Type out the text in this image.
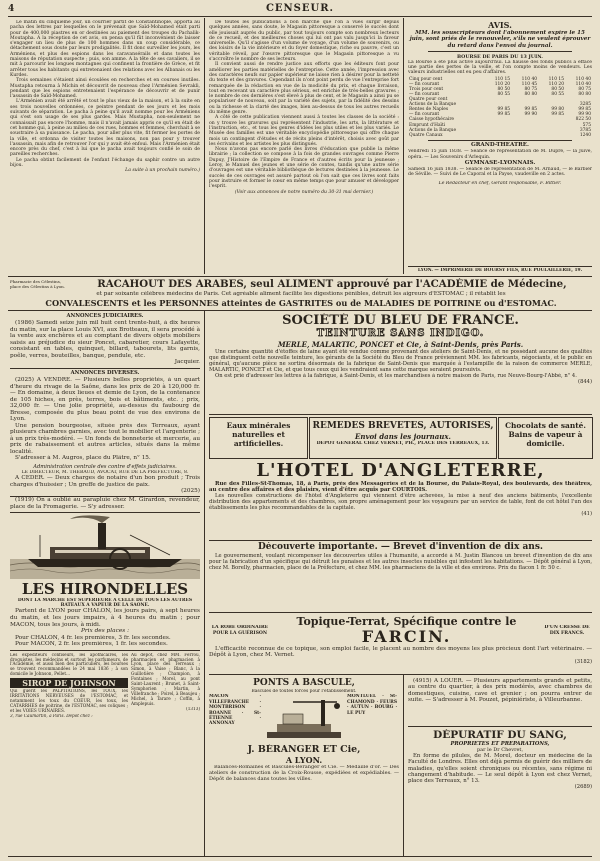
4	CENSEUR.
Le matin du cinquième jour, un courrier partit de Constantinople, apporta au pacha des lettres par lesquelles on le prévenait que Saïd-Mohamed était parti pour de 400,000 piastres en or destinées au paiement des troupes du Pachalik-Moutapha. A la réception de cet avis, on pensa qu'il fût inconvénient de laisser s'engager un lieu de plus de 100 hommes dans un coup considérable, ce détachement sous doute par leurs prodigalités. Il fit donc surveiller les jours, les Arméniens, et plus des espions dans les caravansérails et dans toutes les maisons de réputation suspecte ; puis, son amme. A la tête de ses cavaliers, il se mit à parcourir les longues montagnes qui confinent la frontière de Grèce, et fit arrêter tous les habitants qui entretenaient des relations avec les Albanais ou les Kurdes.
Trois semaines s'étaient ainsi écoulées en recherches et en courses inutiles. Mustapha retourna à Michin et découvrit de nouveau chez l'Arménien Sevrakli, pendant que les espions entretenaient l'espérance de découvrir et de punir l'assassin de Saïd-Mohamed.
L'Arménien avait été arrêté et tout le plus vieux de la maison, et à la suite en ses trois nouvelles ordonnées, ce peintre pendant de ses jours et les mois suivants de séparation. Le pacha à peine qu'il avait nomme pour les Arméniens qui s'est son usage de ses plus gardes. Mais Mustapha, non-seulement ne connaissait pas encore l'homme, mais il n'avait jamais appris ce qu'il en était de cet homme qui, à peine au milieu de ces rues, hommes et femmes, cherchait à se soustraire à sa puissance. Le pacha, pour aller plus vite, fit fermer les portes de la ville, et ordonna de visiter toutes les maisons, non pas pour y trouver l'assassin, mais afin de retrouver l'or qui y avait été enfoui. Mais l'Arménien était encore près du chef, c'est à lui que le pacha avait toujours confié le soin de pareilles recherches.
Le pacha obtint facilement de l'enfant l'échange du saphir contre un autre bijou.
La suite à un prochain numéro.)
De toutes les publications à bon marché que l'on a vues surgir depuis quelques années, sans doute, le Magasin pittoresque a conservé le succès dont elle jouissait auprès du public, par tout toujours compte son nombreux lecteurs de ce recueil, et des meilleures choses qui lui ont pas valu jusqu'ici la faveur universelle. Qu'il s'agisse d'un volume de voyage, d'un volume de souvenirs, ou des loisirs de la vie intérieure et du foyer domestique, riche ou pauvre, c'est un véritable réveil, par l'œuvre pittoresque que le Magasin pittoresque a vu s'accroître le nombre de ses lecteurs.
Il convient aussi de rendre justice aux efforts que les éditeurs font pour améliorer les parties matérielles de l'entreprise. Cette année, l'impression avec des caractères neufs sur papier supérieur ne laisse rien à désirer pour la netteté du texte et des gravures. Cependant ils n'ont point perdu de vue l'entreprise fort remarquée de la rédaction en vue de la modicité du prix, et chaque livraison, tout en recevant un caractère plus sérieux, est enrichie de très-belles gravures ; le nombre de ces dernières s'est élevé à plus de cent, et le Magasin a ainsi pu se populariser de nouveau, soit par la variété des sujets, par la fidélité des dessins ou la richesse et la clarté des images, bien au-dessus de tous les autres recueils du même genre.
A côté de cette publication viennent aussi à toutes les classes de la société : on y trouve les gravures qui représentent l'industrie, les arts, la littérature et l'instruction, etc., et tous les genres d'idées les plus utiles et les plus variés. Le Musée des familles est une véritable encyclopédie pittoresque qui offre chaque mois un contingent d'études et de récits pleins d'intérêt, choisis avec goût par les écrivains et les artistes les plus distingués.
Nous n'avons pas encore parlé des livres d'éducation que publie la même librairie ; la collection se compose à la fois de grandes ouvrages comme Pierre Dupuy, J'Histoire de l'Empire de France et d'autres écrits pour la jeunesse ; Leroy, le Manuel des jeunes et une série de contes, tandis qu'une autre série d'ouvrages est une véritable bibliothèque de lectures destinées à la jeunesse. Le succès de ces ouvrages est assuré partout où l'on sait que ces livres sont faits pour instruire et former le cœur en même temps que pour amuser et développer l'esprit.
(Voir aux annonces de notre numéro du 30-31 mai dernier.)
AVIS.
MM. les souscripteurs dont l'abonnement expire le 15 juin, sont priés de le renouveler, s'ils ne veulent éprouver du retard dans l'envoi du journal.
BOURSE DE PARIS DU 13 JUIN.
La Bourse a été plus active aujourd'hui. La hausse des fonds publics a effacé une partie des pertes de la veille, et l'on compte moins de vendeurs. Les valeurs industrielles ont eu peu d'affaires.
Cinq pour cent	110 15	110 40	110 15	110 40
— fin courant	110 20	110 45	110 20	110 40
Trois pour cent	80 50	80 75	80 50	80 75
— fin courant	80 55	80 80	80 55	80 80
Quatre pour cent				
Actions de la Banque				3285
Rentes de Naples	99 85	99 85	99 80	99 85
— fin courant	99 85	99 90	99 85	99 90
Caisse hypothécaire				822 50
Emprunt d'Haïti				575
Actions de la Banque				3785
Quatre Canaux				1240
GRAND-THÉATRE.
Vendredi 15 juin 1838. — Séance de représentation de M. Dupré, — la Juive, opéra. — Les Souvenirs d'Arlequin.
GYMNASE-LYONNAIS.
Samedi 16 juin 1838. — Séance de représentation de M. Arnaud, — le Barbier de Séville. — Suivi de Le Caporal et la Payse, vaudeville en 2 actes.
Le Rédacteur en chef, Gérant responsable, F. Bittier.
LYON. — IMPRIMERIE DE BOURSY FILS, RUE POULAILLERIE, 19.
Pharmacie des Célestins, place des Célestins à Lyon.	RACAHOUT DES ARABES, seul ALIMENT approuvé par l'ACADÉMIE de Médecine,
et par soixante célèbres médecins de Paris. Cet agréable aliment facilite les digestions pénibles, détruit les aigreurs d'ESTOMAC ; il rétablit les
CONVALESCENTS et les PERSONNES atteintes de GASTRITES ou de MALADIES DE POITRINE ou d'ESTOMAC.
ANNONCES JUDICIAIRES.
(1986) Samedi seize juin mil huit cent trente-huit, à dix heures du matin, sur la place Louis XVI, aux Brotteaux, il sera procédé à la vente aux enchères et au comptant de divers objets mobiliers saisis au préjudice du sieur Poncet, cabaretier, cours Lafayette, consistant en tables, quinquet, billard, tabourets, lits garnis, poêle, verres, bouteilles, banque, pendule, etc.
Jacquier.
ANNONCES DIVERSES.
(2025) À VENDRE. — Plusieurs belles propriétés, à un quart d'heure du rivage de la Saône, dans les prix de 20 à 120,000 fr. — En domaine, à deux lieues et demie de Lyon, de la contenance de 105 hiches, en près, terres, bois et bâtiments, etc. ; prix, 32,000 fr. — Une jolie propriété, au-dessus du faubourg de Bresse, composée du plus beau point de vue des environs de Lyon.
Une pension bourgeoise, située près des Terreaux, ayant plusieurs chambres garnies, avec tout le mobilier et l'argenterie ; à un prix très-modéré. — Un fonds de bonneterie et mercerie, au prix de rabaissement et autres articles, situés dans la même localité.
S'adresser à M. Augros, place du Plâtre, n° 15.
Administration centrale des contre d'effets judiciaires.
LE DIRECTEUR, M. THÉBAUD, AVOCAT, RUE DE LA PRÉFECTURE, 8.
À CÉDER. — Deux charges de notaire d'un bon produit ; Trois charges d'huissier ; Un greffe de justice de paix.
(2025)
(1919) On a oublié au parapluie chez M. Girardon, revendeur, place de la Fromagerie. — S'y adresser.
LES HIRONDELLES
DONT LA MARCHE EST SUPÉRIEURE A CELLE DE TOUS LES AUTRES BATEAUX A VAPEUR DE LA SAONE.
Partent de LYON pour CHALON, les jours pairs, à sept heures du matin, et les jours impairs, à 4 heures du matin ; pour MACON, tous les jours, à midi.
Prix des places :
Pour CHALON, 4 fr. les premières, 3 fr. les secondes.
Pour MACON, 2 fr. les premières, 1 fr. les secondes.
Les expéditeurs confiseurs, les apothicaires, les droguistes, les médecins et surtout les parfumeurs, de l'Académie, et aussi bien des particuliers, les bourses se trouvent recommandées le 24 mai 1836 ; à son domicile le Johnson, Pellet...
SIROP DE JOHNSON
Qui guérit les PALPITATIONS, les TOUX, les IRRITATIONS NERVEUSES de l'ESTOMAC, et notamment les toux du COEUR, les toux, les CATARRHES de poitrine, de l'ESTOMAC, ses coliques ; et les VOIES URINAIRES.
3, rue Caumartin, à Paris. Dépôt chez :
Au dépôt, chez MM. Ferrou, pharmacien et pharmacien à Lyon, place des Terreaux ; Simon, à Vaise ; Blanc, à la Guillotière ; Champion, à Fontaines ; Morel, au pont Saint-Laurent ; Brunet, à Saint-Symphorien ; Martin, à Villefranche ; Poirel, à Beaujeu ; Michel, à Tarare ; Coffin, à Amplepuis.
(1313)
SOCIÉTÉ DU BLEU DE FRANCE.
TEINTURE SANS INDIGO.
MERLE, MALARTIC, PONCET et Cie, à Saint-Denis, près Paris.
Une certaine quantité d'étoffes de laine ayant été vendue comme provenant des ateliers de Saint-Denis, et ne possédant aucune des qualités que distinguent cette nouvelle teinture, les gérants de la Société du Bleu de France préviennent MM. les fabricants, négociants, et le public en général, qu'aucune pièce ne sortira désormais de la fabrique de Saint-Denis que marquée à l'estampille de la raison de commerce MERLE, MALARTIC, PONCET et Cie, et que tous ceux qui les vendraient sans cette marque seraient poursuivis.
On est prié d'adresser les lettres à la fabrique, à Saint-Denis, et les marchandises à notre maison de Paris, rue Neuve-Bourg-l'Abbé, n° 4.
(844)
Eaux minérales naturelles et artificielles.
REMÈDES BREVETÉS, AUTORISÉS,
Envoi dans les journaux.
DÉPÔT GÉNÉRAL CHEZ VERNET, PH., PLACE DES TERREAUX, 13.
Chocolats de santé. Bains de vapeur à domicile.
L'HOTEL D'ANGLETERRE,
Rue des Filles-St-Thomas, 18, à Paris, près des Messageries et de la Bourse, du Palais-Royal, des boulevards, des théâtres, au centre des affaires et des plaisirs, vient d'être acquis par COURTOIS.
Les nouvelles constructions de l'hôtel d'Angleterre qui viennent d'être achevées, la mise à neuf des anciens bâtiments, l'excellente distribution des appartements et des chambres, son propre aménagement pour les voyageurs par un service de table, font de cet hôtel l'un des établissements les plus recommandables de la capitale.
(41)
Découverte importante. — Brevet d'invention de dix ans.
Le gouvernement, voulant récompenser les découvertes utiles à l'humanité, a accordé à M. Justin Blancou un brevet d'invention de dix ans pour la fabrication d'un spécifique qui détruit les punaises et les autres insectes nuisibles qui infestent les habitations. — Dépôt général à Lyon, chez M. Borelly, pharmacien, place de la Préfecture, et chez MM. les pharmaciens de la ville et des environs. Prix du flacon 1 fr. 50 c.
LA ROBE ORDINAIRE POUR LA GUÉRISON
Topique-Terrat, Spécifique contre le
FARCIN.	D'UN CRESSE DE DIX FRANCS.
L'efficacité reconnue de ce topique, son emploi facile, le placent au nombre des moyens les plus précieux dont l'art vétérinaire. — Dépôt à Lyon, chez M. Vernet.
(3182)
PONTS A BASCULE,
Bascules de toutes forces pour l'établissement.
MACON · VILLEFRANCHE · MONTBRISON · ROANNE · St-ÉTIENNE · ANNONAY
MONTLUEL · St-CHAMOND · FEURS · AUTUN · BOURG · LE PUY
J. BÉRANGER ET Cie,
A LYON.
Balances-Romaines et Bascules-Béranger et Cie. — Médaille d'or. — Des ateliers de construction de la Croix-Rousse, expédiées et expédiables. — Dépôt de balances dans toutes les villes.
(4915) À LOUER. — Plusieurs appartements grands et petits, au centre du quartier, à des prix modérés, avec chambres de domestiques, cuisine, cave et grenier ; on pourra entrer de suite. — S'adresser à M. Pouzet, pépiniériste, à Villeurbanne.
DÉPURATIF DU SANG,
PROPRIÉTÉS ET PRÉPARATIONS,
par le Dr Chevret,
En forme de pilules, de M. Morel, docteur en médecine de la Faculté de Londres. Elles ont déjà permis de guérir des milliers de maladies, qu'elles soient chroniques ou récentes, sans régime ni changement d'habitude. — Le seul dépôt à Lyon est chez Vernet, place des Terreaux, n° 13.
(2689)
